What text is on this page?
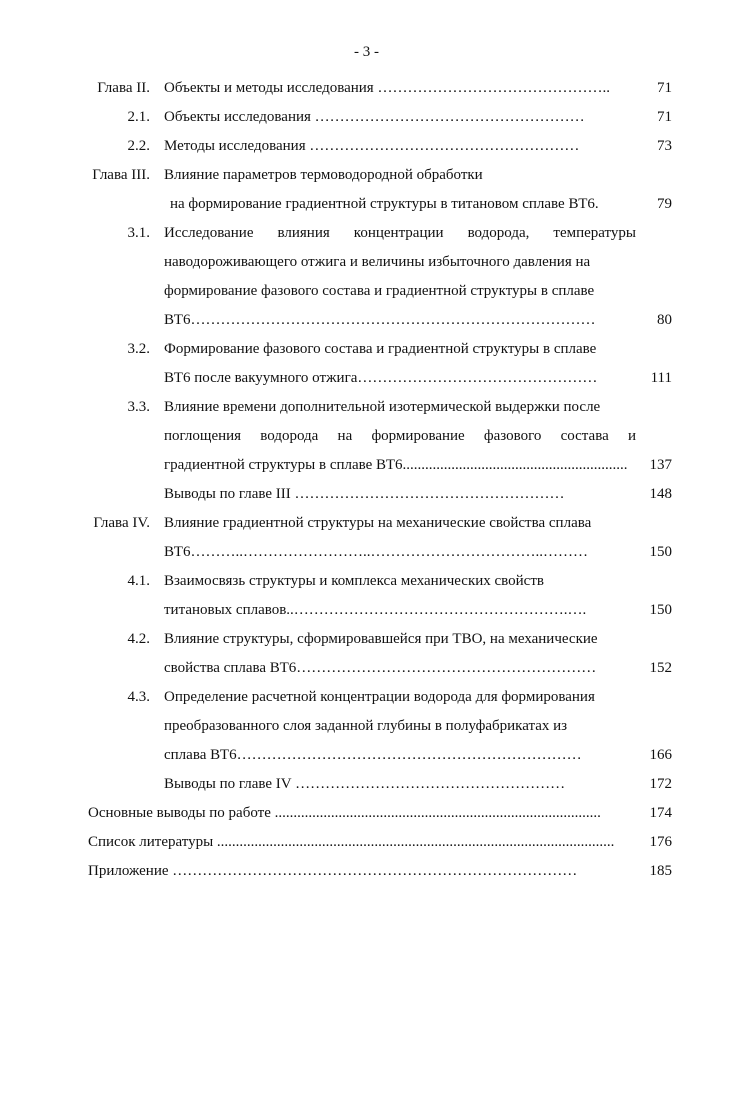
- 3 -
Глава II. Объекты и методы исследования ………………………………………..	71
2.1. Объекты исследования ………………………………………………	71
2.2. Методы исследования ………………………………………………	73
Глава III. Влияние параметров термоводородной обработки
на формирование градиентной структуры в титановом сплаве ВТ6.	79
3.1. Исследование влияния концентрации водорода, температуры
наводороживающего отжига и величины избыточного давления на
формирование фазового состава и градиентной структуры в сплаве
ВТ6………………………………………………………………………	80
3.2. Формирование фазового состава и градиентной структуры в сплаве
ВТ6 после вакуумного отжига…………………………………………	111
3.3. Влияние времени дополнительной изотермической выдержки после
поглощения водорода на формирование фазового состава и
градиентной структуры в сплаве ВТ6............................................................	137
Выводы по главе III ………………………………………………	148
Глава IV. Влияние градиентной структуры на механические свойства сплава
ВТ6………..……………………..……………………………..………	150
4.1. Взаимосвязь структуры и комплекса механических свойств
титановых сплавов..……………………………………………….….	150
4.2. Влияние структуры, сформировавшейся при ТВО, на механические
свойства сплава ВТ6……………………………………………………	152
4.3. Определение расчетной концентрации водорода для формирования
преобразованного слоя заданной глубины в полуфабрикатах из
сплава ВТ6……………………………………………………………	166
Выводы по главе IV ………………………………………………	172
Основные выводы по работе .......................................................................................	174
Список литературы ..........................................................................................................	176
Приложение ………………………………………………………………………	185
